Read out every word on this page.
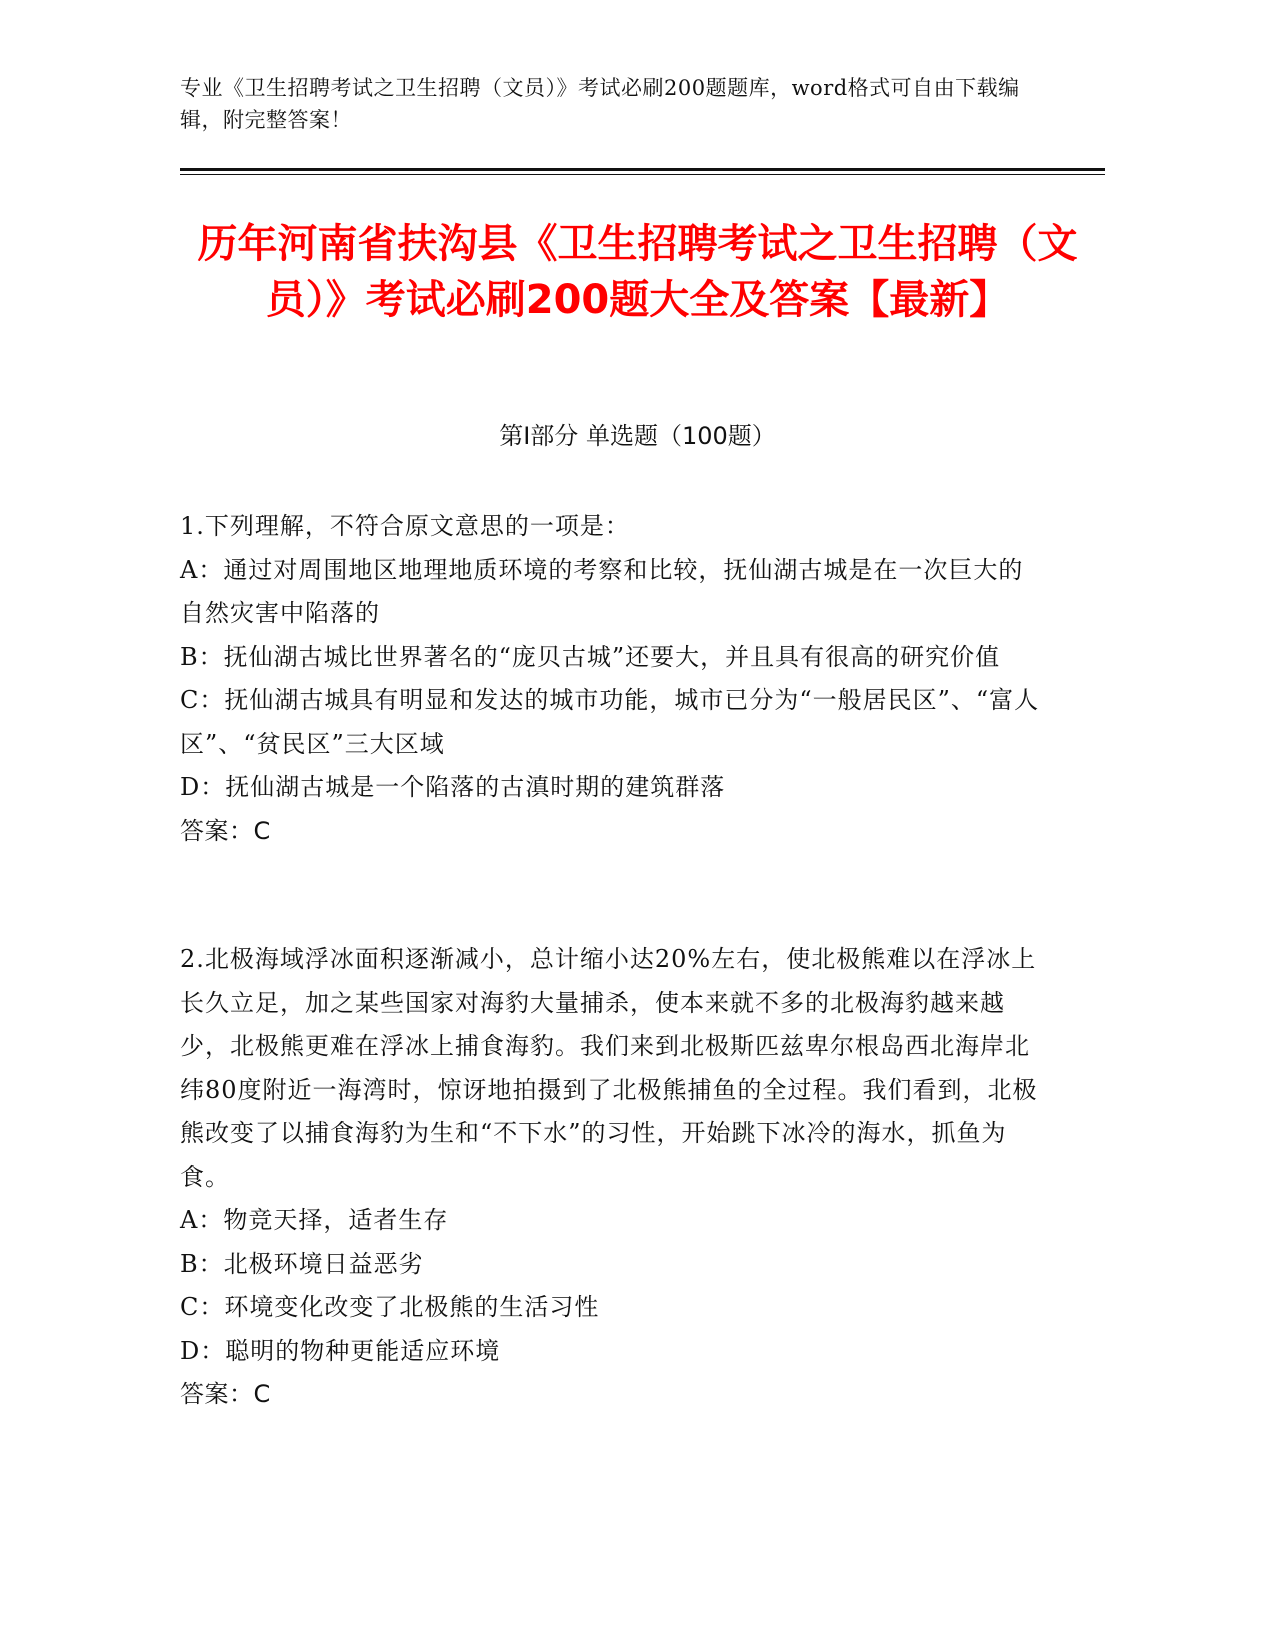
专业《卫生招聘考试之卫生招聘（文员）》考试必刷200题题库，word格式可自由下载编辑，附完整答案！
历年河南省扶沟县《卫生招聘考试之卫生招聘（文员）》考试必刷200题大全及答案【最新】
第I部分 单选题（100题）

1.下列理解，不符合原文意思的一项是：

A：通过对周围地区地理地质环境的考察和比较，抚仙湖古城是在一次巨大的自然灾害中陷落的

B：抚仙湖古城比世界著名的“庞贝古城”还要大，并且具有很高的研究价值

C：抚仙湖古城具有明显和发达的城市功能，城市已分为“一般居民区”、“富人区”、“贫民区”三大区域

D：抚仙湖古城是一个陷落的古滇时期的建筑群落

答案：C

2.北极海域浮冰面积逐渐减小，总计缩小达20%左右，使北极熊难以在浮冰上长久立足，加之某些国家对海豹大量捕杀，使本来就不多的北极海豹越来越少，北极熊更难在浮冰上捕食海豹。我们来到北极斯匹兹卑尔根岛西北海岸北纬80度附近一海湾时，惊讶地拍摄到了北极熊捕鱼的全过程。我们看到，北极熊改变了以捕食海豹为生和“不下水”的习性，开始跳下冰冷的海水，抓鱼为食。

A：物竞天择，适者生存

B：北极环境日益恶劣

C：环境变化改变了北极熊的生活习性

D：聪明的物种更能适应环境

答案：C
